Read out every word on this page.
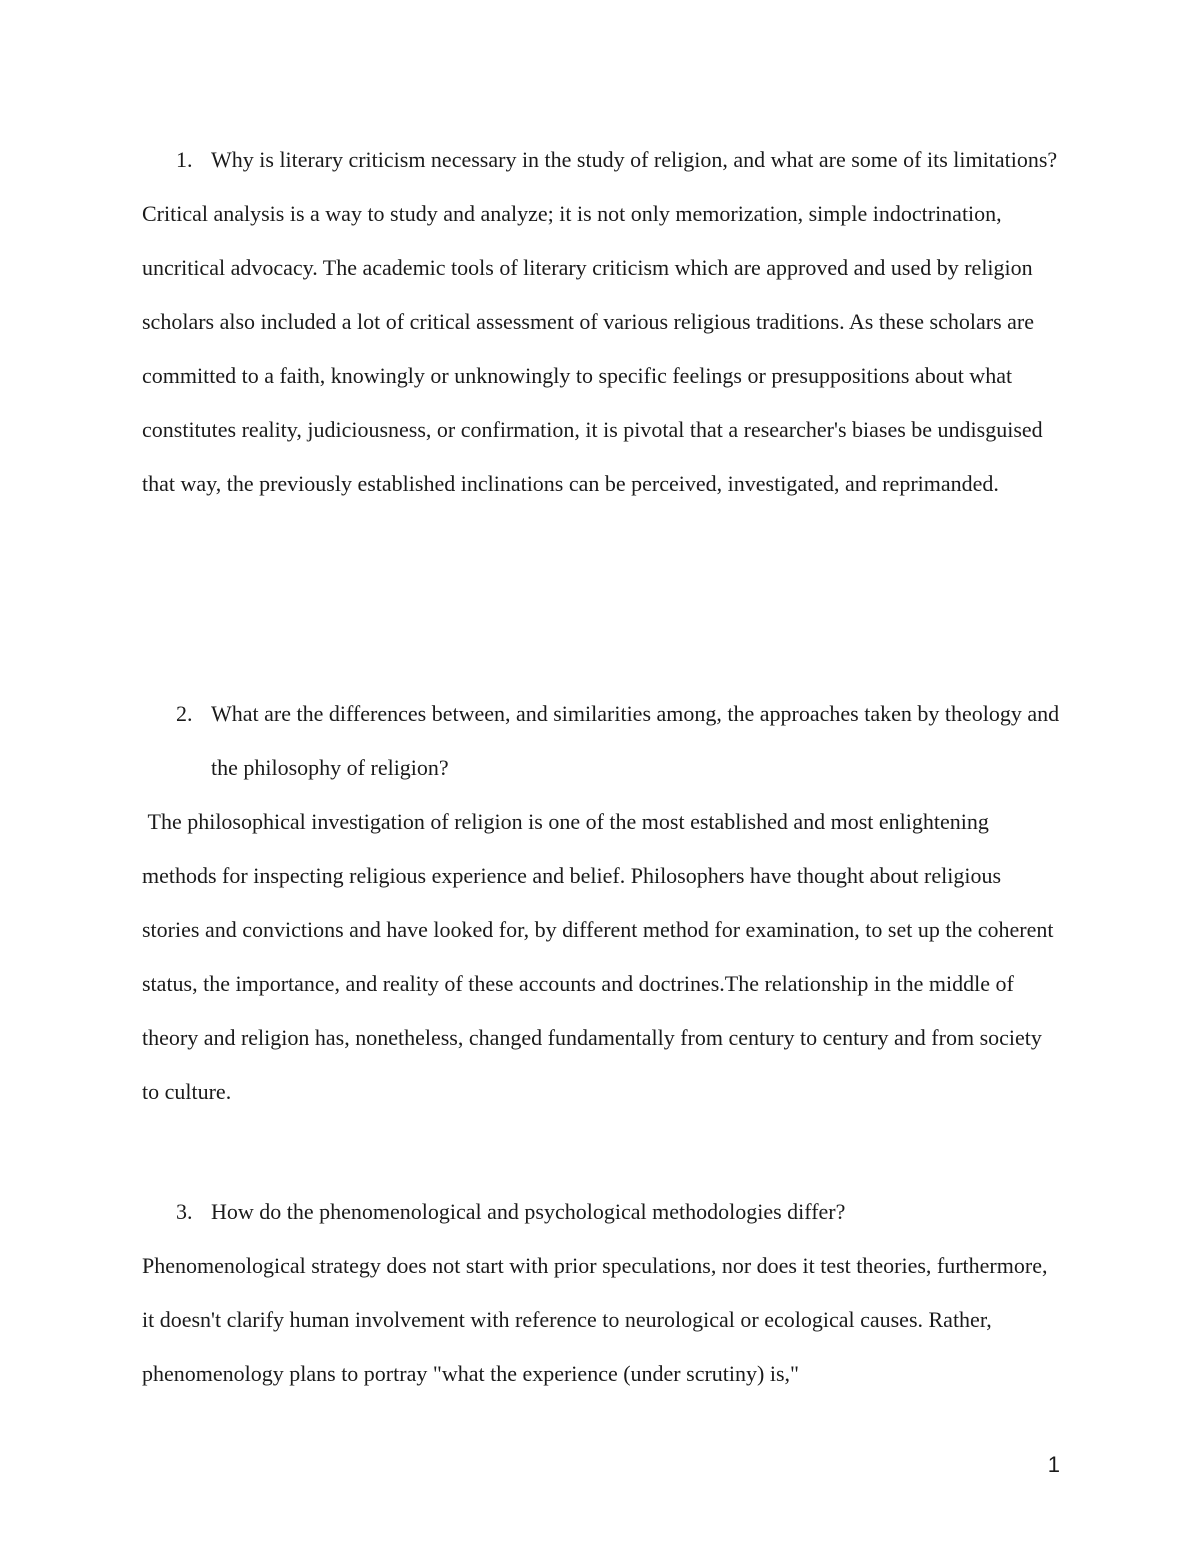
1. Why is literary criticism necessary in the study of religion, and what are some of its limitations?

Critical analysis is a way to study and analyze; it is not only memorization, simple indoctrination, uncritical advocacy. The academic tools of literary criticism which are approved and used by religion scholars also included a lot of critical assessment of various religious traditions. As these scholars are committed to a faith, knowingly or unknowingly to specific feelings or presuppositions about what constitutes reality, judiciousness, or confirmation, it is pivotal that a researcher's biases be undisguised that way, the previously established inclinations can be perceived, investigated, and reprimanded.

2. What are the differences between, and similarities among, the approaches taken by theology and the philosophy of religion?

The philosophical investigation of religion is one of the most established and most enlightening methods for inspecting religious experience and belief. Philosophers have thought about religious stories and convictions and have looked for, by different method for examination, to set up the coherent status, the importance, and reality of these accounts and doctrines.The relationship in the middle of theory and religion has, nonetheless, changed fundamentally from century to century and from society to culture.

3. How do the phenomenological and psychological methodologies differ?

Phenomenological strategy does not start with prior speculations, nor does it test theories, furthermore, it doesn't clarify human involvement with reference to neurological or ecological causes. Rather, phenomenology plans to portray "what the experience (under scrutiny) is,"

1
